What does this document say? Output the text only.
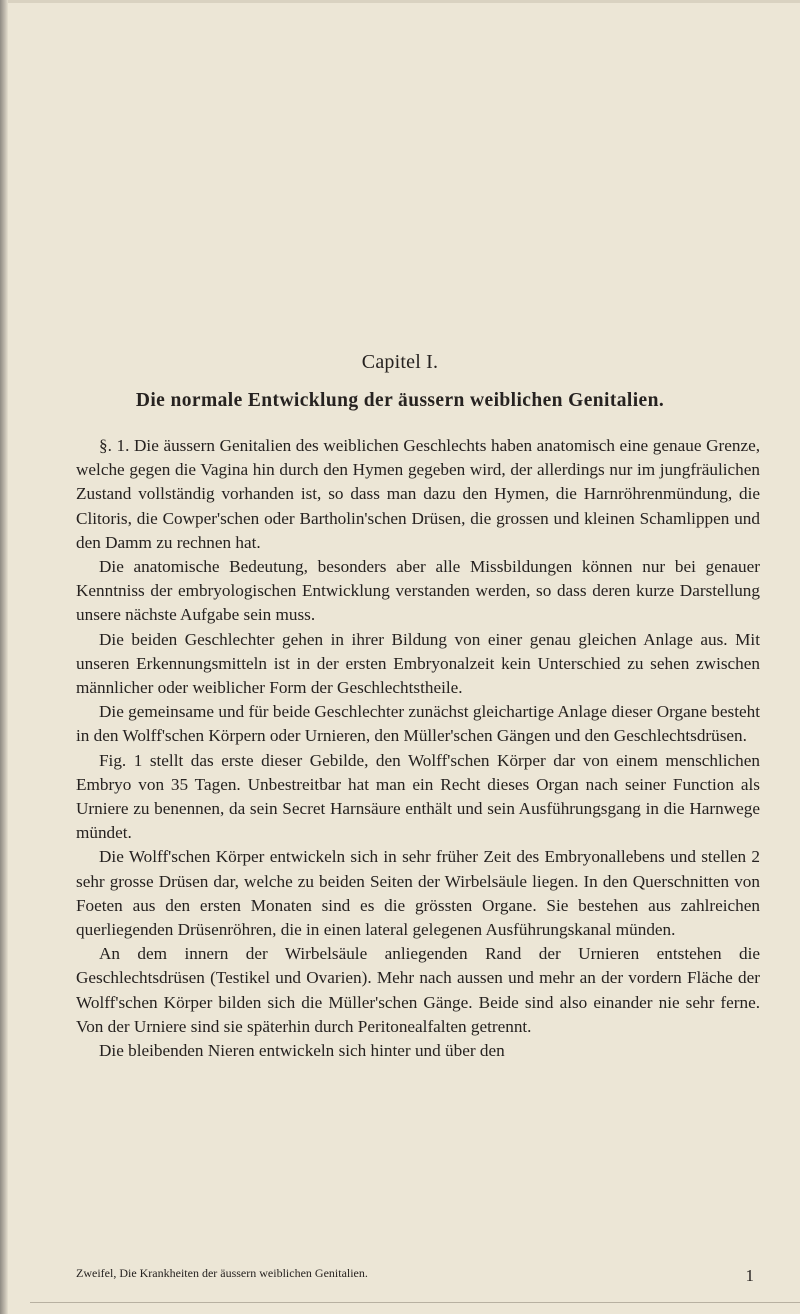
Capitel I.
Die normale Entwicklung der äussern weiblichen Genitalien.

§. 1. Die äussern Genitalien des weiblichen Geschlechts haben anatomisch eine genaue Grenze, welche gegen die Vagina hin durch den Hymen gegeben wird, der allerdings nur im jungfräulichen Zustand vollständig vorhanden ist, so dass man dazu den Hymen, die Harnröhrenmündung, die Clitoris, die Cowper'schen oder Bartholin'schen Drüsen, die grossen und kleinen Schamlippen und den Damm zu rechnen hat.

Die anatomische Bedeutung, besonders aber alle Missbildungen können nur bei genauer Kenntniss der embryologischen Entwicklung verstanden werden, so dass deren kurze Darstellung unsere nächste Aufgabe sein muss.

Die beiden Geschlechter gehen in ihrer Bildung von einer genau gleichen Anlage aus. Mit unseren Erkennungsmitteln ist in der ersten Embryonalzeit kein Unterschied zu sehen zwischen männlicher oder weiblicher Form der Geschlechtstheile.

Die gemeinsame und für beide Geschlechter zunächst gleichartige Anlage dieser Organe besteht in den Wolff'schen Körpern oder Urnieren, den Müller'schen Gängen und den Geschlechtsdrüsen.

Fig. 1 stellt das erste dieser Gebilde, den Wolff'schen Körper dar von einem menschlichen Embryo von 35 Tagen. Unbestreitbar hat man ein Recht dieses Organ nach seiner Function als Urniere zu benennen, da sein Secret Harnsäure enthält und sein Ausführungsgang in die Harnwege mündet.

Die Wolff'schen Körper entwickeln sich in sehr früher Zeit des Embryonallebens und stellen 2 sehr grosse Drüsen dar, welche zu beiden Seiten der Wirbelsäule liegen. In den Querschnitten von Foeten aus den ersten Monaten sind es die grössten Organe. Sie bestehen aus zahlreichen querliegenden Drüsenröhren, die in einen lateral gelegenen Ausführungskanal münden.

An dem innern der Wirbelsäule anliegenden Rand der Urnieren entstehen die Geschlechtsdrüsen (Testikel und Ovarien). Mehr nach aussen und mehr an der vordern Fläche der Wolff'schen Körper bilden sich die Müller'schen Gänge. Beide sind also einander nie sehr ferne. Von der Urniere sind sie späterhin durch Peritonealfalten getrennt.

Die bleibenden Nieren entwickeln sich hinter und über den

Zweifel, Die Krankheiten der äussern weiblichen Genitalien.	1
